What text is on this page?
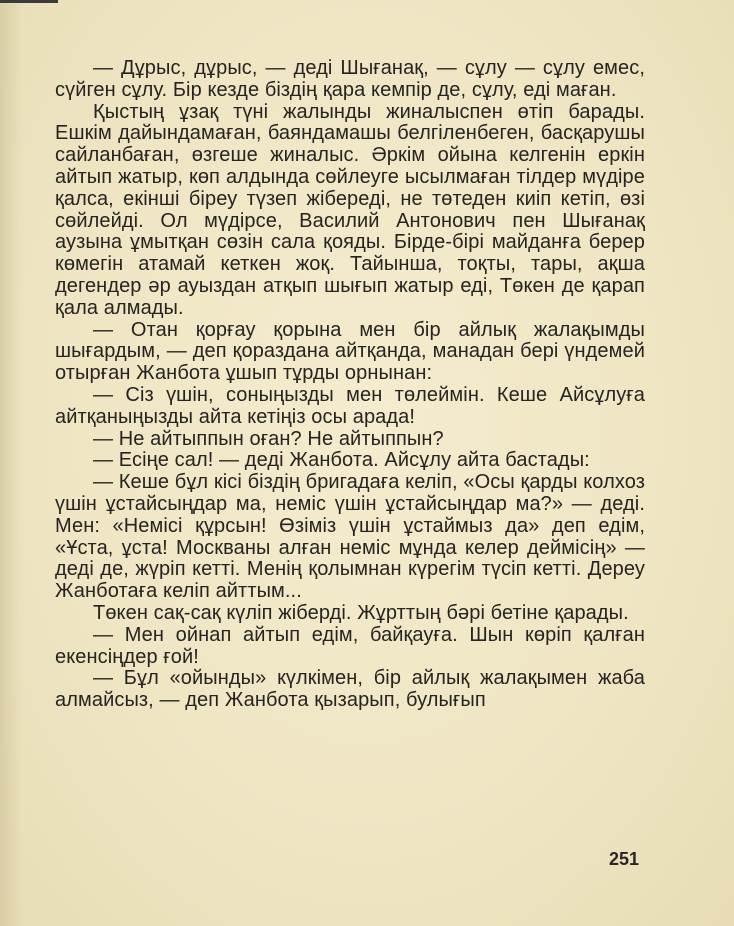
— Дұрыс, дұрыс, — деді Шығанақ, — сұлу — сұлу емес, сүйген сұлу. Бір кезде біздің қара кемпір де, сұлу, еді маған.

Қыстың ұзақ түні жалынды жиналыспен өтіп барады. Ешкім дайындамаған, баяндамашы белгіленбеген, басқарушы сайланбаған, өзгеше жиналыс. Әркім ойына келгенін еркін айтып жатыр, көп алдында сөйлеуге ысылмаған тілдер мүдіре қалса, екінші біреу түзеп жібереді, не төтеден киіп кетіп, өзі сөйлейді. Ол мүдірсе, Василий Антонович пен Шығанақ аузына ұмытқан сөзін сала қояды. Бірде-бірі майданға берер көмегін атамай кеткен жоқ. Тайынша, тоқты, тары, ақша дегендер әр ауыздан атқып шығып жатыр еді, Төкен де қарап қала алмады.

— Отан қорғау қорына мен бір айлық жалақымды шығардым, — деп қораздана айтқанда, манадан бері үндемей отырған Жанбота ұшып тұрды орнынан:

— Сіз үшін, соныңызды мен төлеймін. Кеше Айсұлуға айтқаныңызды айта кетіңіз осы арада!

— Не айтыппын оған? Не айтыппын?

— Есіңе сал! — деді Жанбота. Айсұлу айта бастады:

— Кеше бұл кісі біздің бригадаға келіп, «Осы қарды колхоз үшін ұстайсыңдар ма, неміс үшін ұстайсыңдар ма?» — деді. Мен: «Немісі құрсын! Өзіміз үшін ұстаймыз да» деп едім, «Ұста, ұста! Москваны алған неміс мұнда келер деймісің» — деді де, жүріп кетті. Менің қолымнан күрегім түсіп кетті. Дереу Жанботаға келіп айттым...

Төкен сақ-сақ күліп жіберді. Жұрттың бәрі бетіне қарады.

— Мен ойнап айтып едім, байқауға. Шын көріп қалған екенсіңдер ғой!

— Бұл «ойынды» күлкімен, бір айлық жалақымен жаба алмайсыз, — деп Жанбота қызарып, булығып

251
